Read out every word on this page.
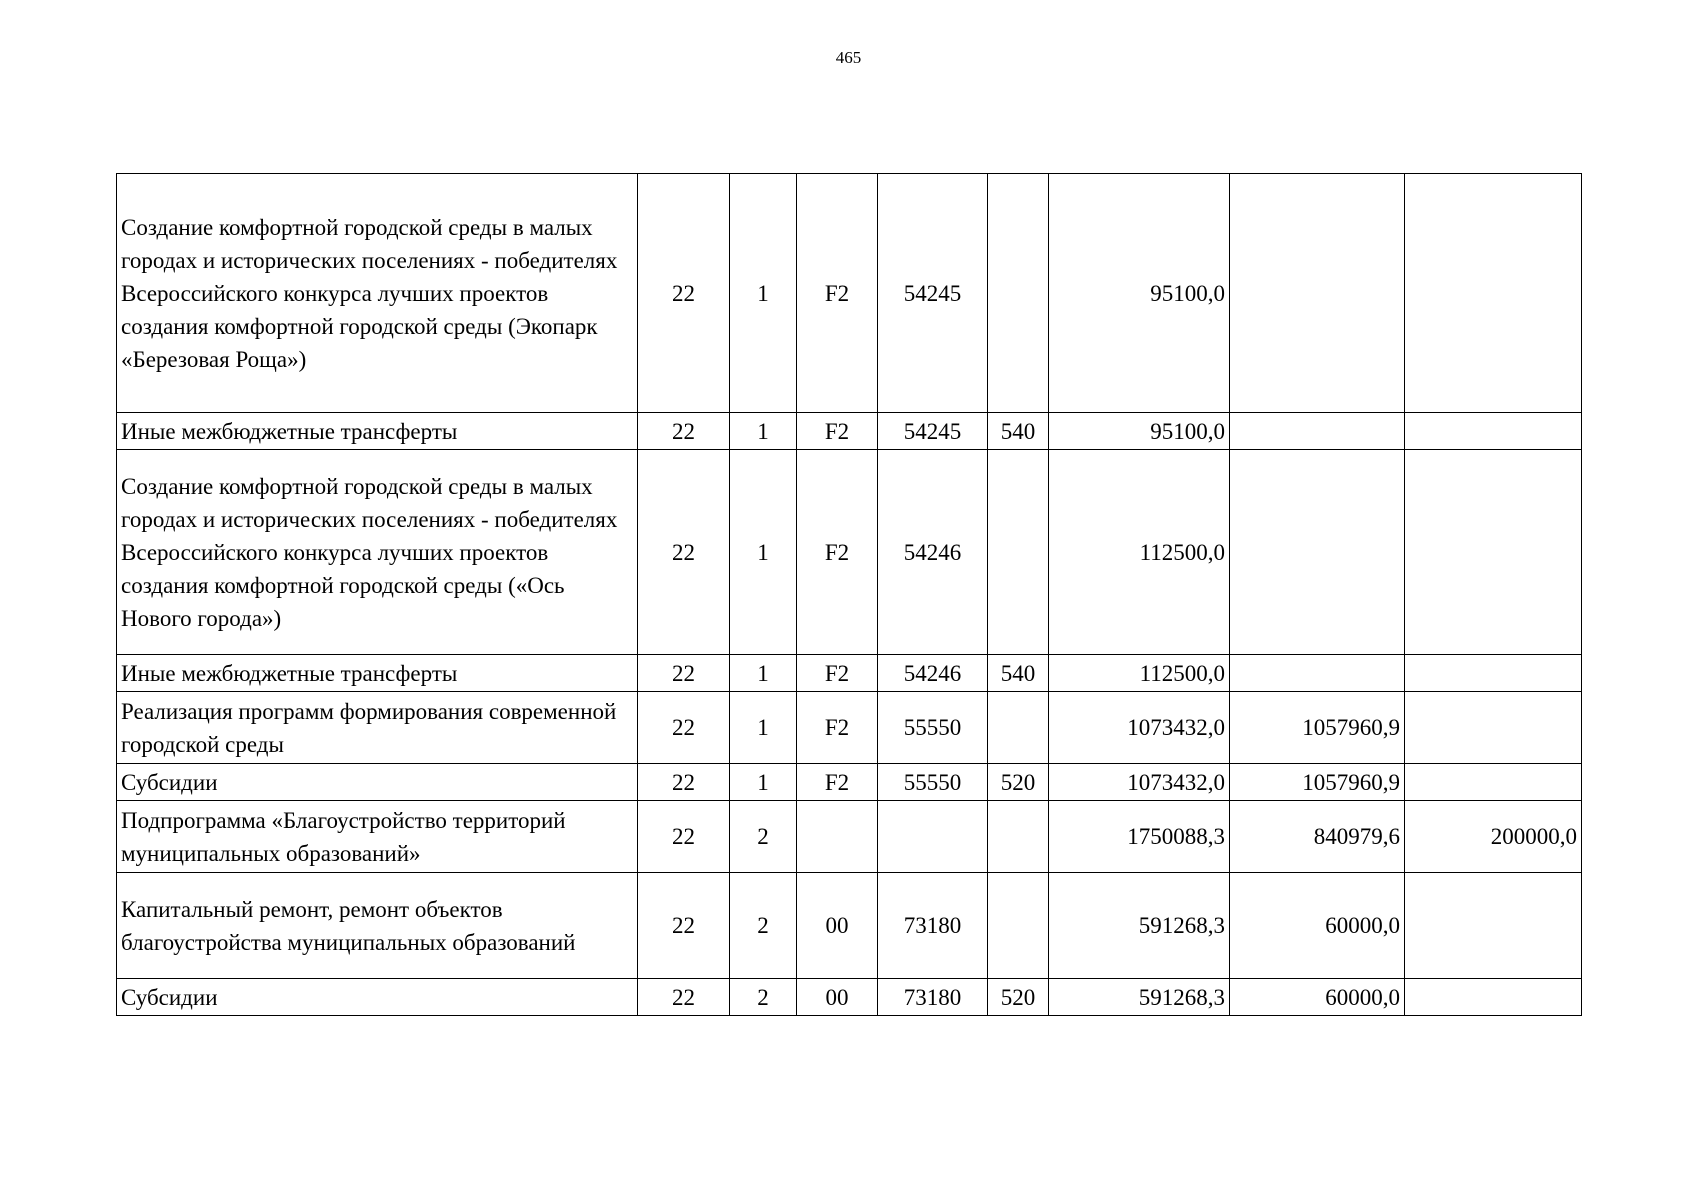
465
Создание комфортной городской среды в малых городах и исторических поселениях - победителях Всероссийского конкурса лучших проектов создания комфортной городской среды (Экопарк «Березовая Роща»)	22	1	F2	54245		95100,0		
Иные межбюджетные трансферты	22	1	F2	54245	540	95100,0		
Создание комфортной городской среды в малых городах и исторических поселениях - победителях Всероссийского конкурса лучших проектов создания комфортной городской среды («Ось Нового города»)	22	1	F2	54246		112500,0		
Иные межбюджетные трансферты	22	1	F2	54246	540	112500,0		
Реализация программ формирования современной городской среды	22	1	F2	55550		1073432,0	1057960,9	
Субсидии	22	1	F2	55550	520	1073432,0	1057960,9	
Подпрограмма «Благоустройство территорий муниципальных образований»	22	2				1750088,3	840979,6	200000,0
Капитальный ремонт, ремонт объектов благоустройства муниципальных образований	22	2	00	73180		591268,3	60000,0	
Субсидии	22	2	00	73180	520	591268,3	60000,0	
